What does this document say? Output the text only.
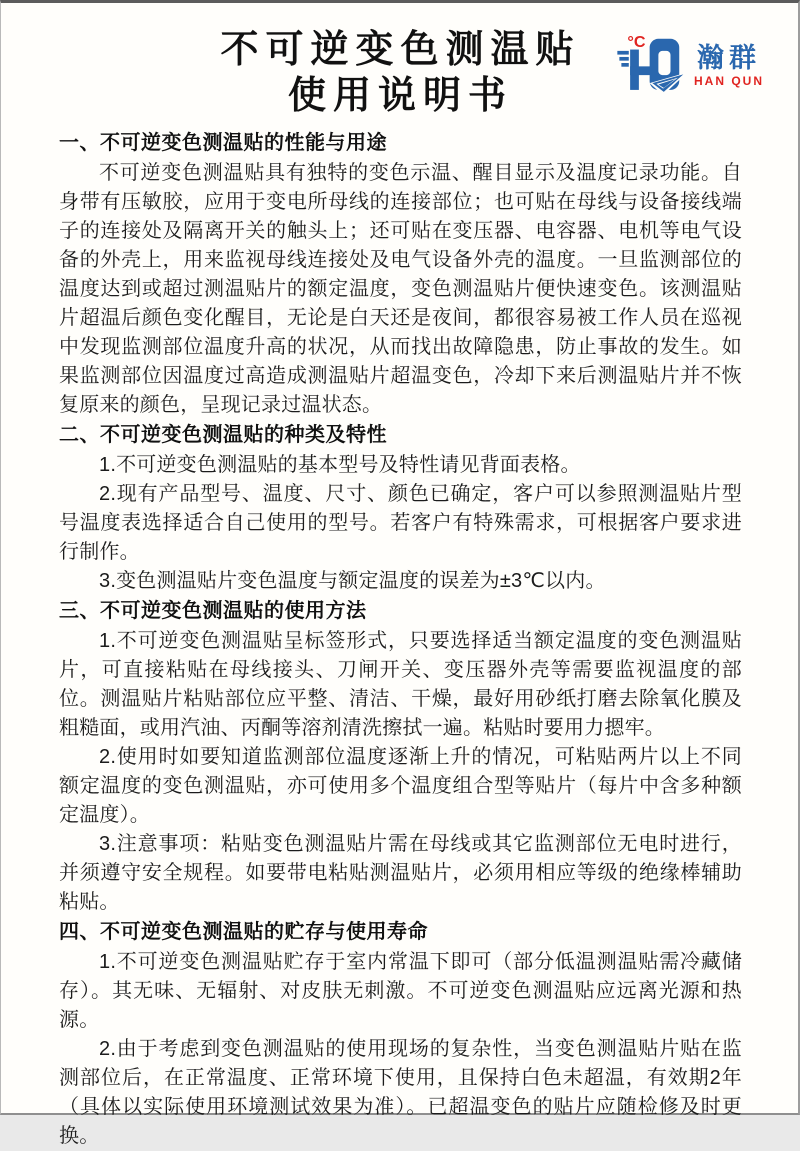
不可逆变色测温贴
使用说明书
°C
瀚群
HAN QUN
一、不可逆变色测温贴的性能与用途

不可逆变色测温贴具有独特的变色示温、醒目显示及温度记录功能。自身带有压敏胶，应用于变电所母线的连接部位；也可贴在母线与设备接线端子的连接处及隔离开关的触头上；还可贴在变压器、电容器、电机等电气设备的外壳上，用来监视母线连接处及电气设备外壳的温度。一旦监测部位的温度达到或超过测温贴片的额定温度，变色测温贴片便快速变色。该测温贴片超温后颜色变化醒目，无论是白天还是夜间，都很容易被工作人员在巡视中发现监测部位温度升高的状况，从而找出故障隐患，防止事故的发生。如果监测部位因温度过高造成测温贴片超温变色，冷却下来后测温贴片并不恢复原来的颜色，呈现记录过温状态。

二、不可逆变色测温贴的种类及特性

1.不可逆变色测温贴的基本型号及特性请见背面表格。

2.现有产品型号、温度、尺寸、颜色已确定，客户可以参照测温贴片型号温度表选择适合自己使用的型号。若客户有特殊需求，可根据客户要求进行制作。

3.变色测温贴片变色温度与额定温度的误差为±3℃以内。

三、不可逆变色测温贴的使用方法

1.不可逆变色测温贴呈标签形式，只要选择适当额定温度的变色测温贴片，可直接粘贴在母线接头、刀闸开关、变压器外壳等需要监视温度的部位。测温贴片粘贴部位应平整、清洁、干燥，最好用砂纸打磨去除氧化膜及粗糙面，或用汽油、丙酮等溶剂清洗擦拭一遍。粘贴时要用力摁牢。

2.使用时如要知道监测部位温度逐渐上升的情况，可粘贴两片以上不同额定温度的变色测温贴，亦可使用多个温度组合型等贴片（每片中含多种额定温度）。

3.注意事项：粘贴变色测温贴片需在母线或其它监测部位无电时进行，并须遵守安全规程。如要带电粘贴测温贴片，必须用相应等级的绝缘棒辅助粘贴。

四、不可逆变色测温贴的贮存与使用寿命

1.不可逆变色测温贴贮存于室内常温下即可（部分低温测温贴需冷藏储存）。其无味、无辐射、对皮肤无刺激。不可逆变色测温贴应远离光源和热源。

2.由于考虑到变色测温贴的使用现场的复杂性，当变色测温贴片贴在监测部位后，在正常温度、正常环境下使用，且保持白色未超温，有效期2年（具体以实际使用环境测试效果为准）。已超温变色的贴片应随检修及时更换。
